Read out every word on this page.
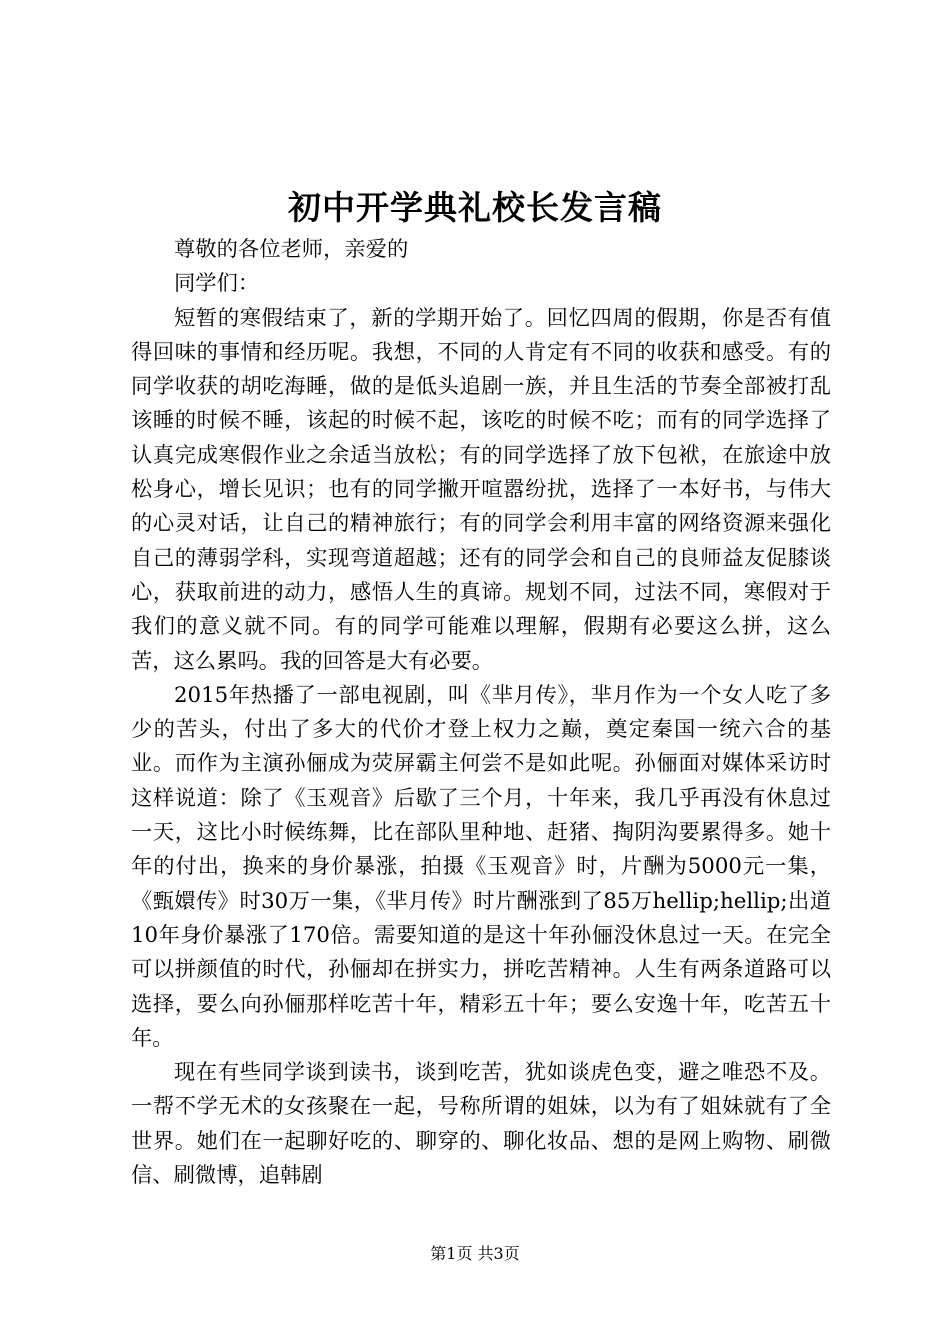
初中开学典礼校长发言稿

尊敬的各位老师，亲爱的

同学们：

短暂的寒假结束了，新的学期开始了。回忆四周的假期，你是否有值得回味的事情和经历呢。我想，不同的人肯定有不同的收获和感受。有的同学收获的胡吃海睡，做的是低头追剧一族，并且生活的节奏全部被打乱该睡的时候不睡，该起的时候不起，该吃的时候不吃；而有的同学选择了认真完成寒假作业之余适当放松；有的同学选择了放下包袱，在旅途中放松身心，增长见识；也有的同学撇开喧嚣纷扰，选择了一本好书，与伟大的心灵对话，让自己的精神旅行；有的同学会利用丰富的网络资源来强化自己的薄弱学科，实现弯道超越；还有的同学会和自己的良师益友促膝谈心，获取前进的动力，感悟人生的真谛。规划不同，过法不同，寒假对于我们的意义就不同。有的同学可能难以理解，假期有必要这么拼，这么苦，这么累吗。我的回答是大有必要。

2015年热播了一部电视剧，叫《芈月传》，芈月作为一个女人吃了多少的苦头，付出了多大的代价才登上权力之巅，奠定秦国一统六合的基业。而作为主演孙俪成为荧屏霸主何尝不是如此呢。孙俪面对媒体采访时这样说道：除了《玉观音》后歇了三个月，十年来，我几乎再没有休息过一天，这比小时候练舞，比在部队里种地、赶猪、掏阴沟要累得多。她十年的付出，换来的身价暴涨，拍摄《玉观音》时，片酬为5000元一集，《甄嬛传》时30万一集，《芈月传》时片酬涨到了85万hellip;hellip;出道10年身价暴涨了170倍。需要知道的是这十年孙俪没休息过一天。在完全可以拼颜值的时代，孙俪却在拼实力，拼吃苦精神。人生有两条道路可以选择，要么向孙俪那样吃苦十年，精彩五十年；要么安逸十年，吃苦五十年。

现在有些同学谈到读书，谈到吃苦，犹如谈虎色变，避之唯恐不及。一帮不学无术的女孩聚在一起，号称所谓的姐妹，以为有了姐妹就有了全世界。她们在一起聊好吃的、聊穿的、聊化妆品、想的是网上购物、刷微信、刷微博，追韩剧

第1页 共3页
